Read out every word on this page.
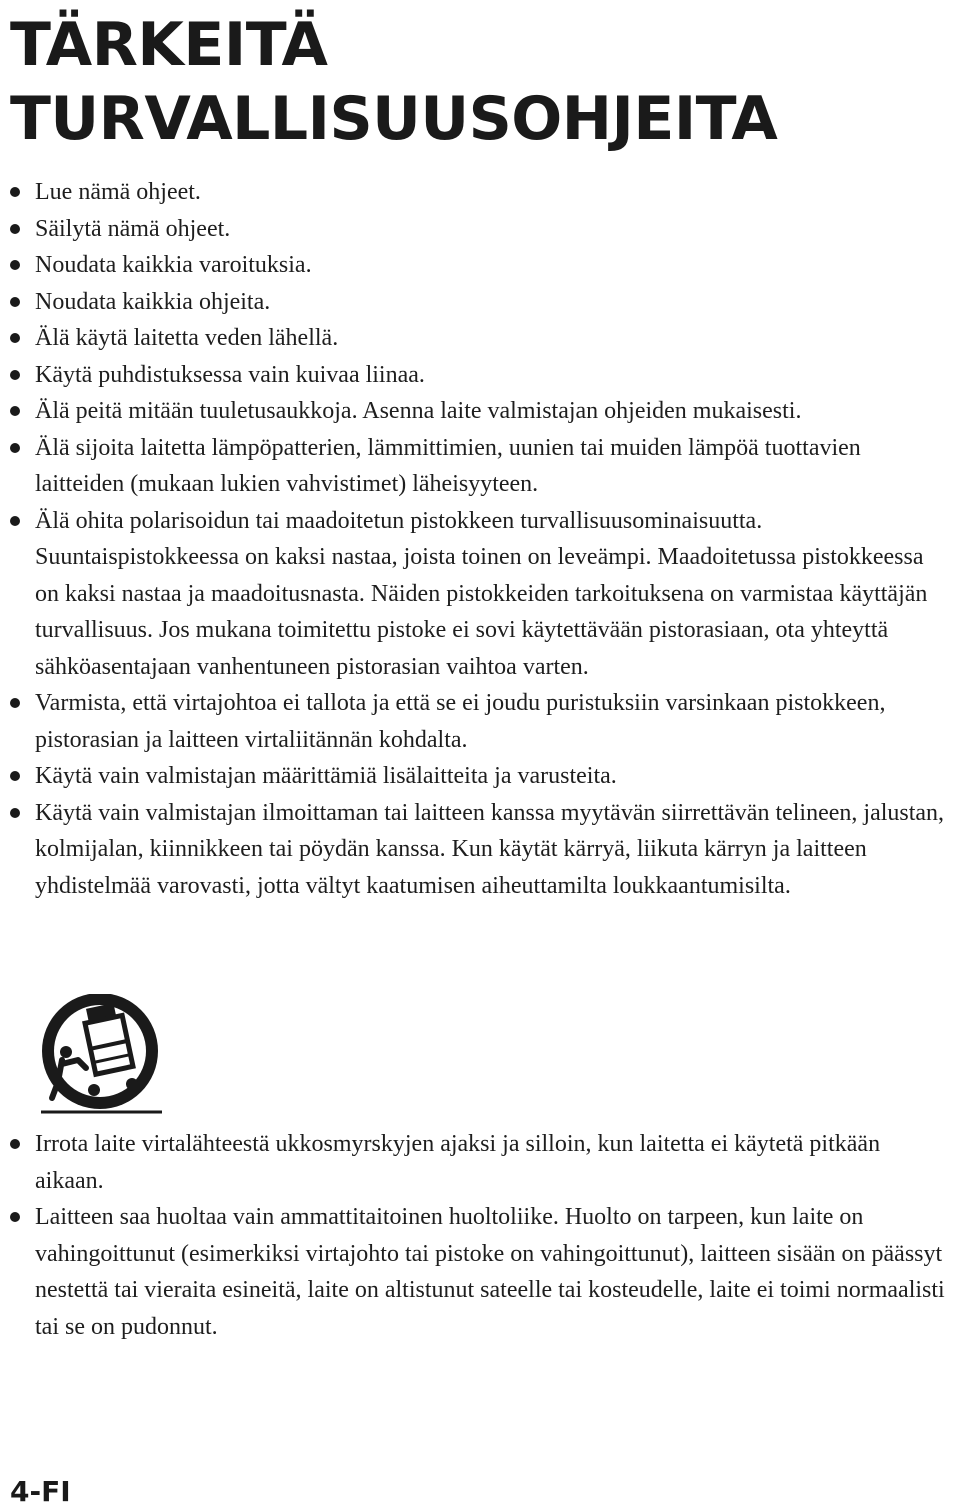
TÄRKEITÄ
TURVALLISUUSOHJEITA
Lue nämä ohjeet.
Säilytä nämä ohjeet.
Noudata kaikkia varoituksia.
Noudata kaikkia ohjeita.
Älä käytä laitetta veden lähellä.
Käytä puhdistuksessa vain kuivaa liinaa.
Älä peitä mitään tuuletusaukkoja. Asenna laite valmistajan ohjeiden mukaisesti.
Älä sijoita laitetta lämpöpatterien, lämmittimien, uunien tai muiden lämpöä tuottavien laitteiden (mukaan lukien vahvistimet) läheisyyteen.
Älä ohita polarisoidun tai maadoitetun pistokkeen turvallisuusominaisuutta. Suuntaispistokkeessa on kaksi nastaa, joista toinen on leveämpi. Maadoitetussa pistokkeessa on kaksi nastaa ja maadoitusnasta. Näiden pistokkeiden tarkoituksena on varmistaa käyttäjän turvallisuus. Jos mukana toimitettu pistoke ei sovi käytettävään pistorasiaan, ota yhteyttä sähköasentajaan vanhentuneen pistorasian vaihtoa varten.
Varmista, että virtajohtoa ei tallota ja että se ei joudu puristuksiin varsinkaan pistokkeen, pistorasian ja laitteen virtaliitännän kohdalta.
Käytä vain valmistajan määrittämiä lisälaitteita ja varusteita.
Käytä vain valmistajan ilmoittaman tai laitteen kanssa myytävän siirrettävän telineen, jalustan, kolmijalan, kiinnikkeen tai pöydän kanssa. Kun käytät kärryä, liikuta kärryn ja laitteen yhdistelmää varovasti, jotta vältyt kaatumisen aiheuttamilta loukkaantumisilta.
Irrota laite virtalähteestä ukkosmyrskyjen ajaksi ja silloin, kun laitetta ei käytetä pitkään aikaan.
Laitteen saa huoltaa vain ammattitaitoinen huoltoliike. Huolto on tarpeen, kun laite on vahingoittunut (esimerkiksi virtajohto tai pistoke on vahingoittunut), laitteen sisään on päässyt nestettä tai vieraita esineitä, laite on altistunut sateelle tai kosteudelle, laite ei toimi normaalisti tai se on pudonnut.
4-FI
